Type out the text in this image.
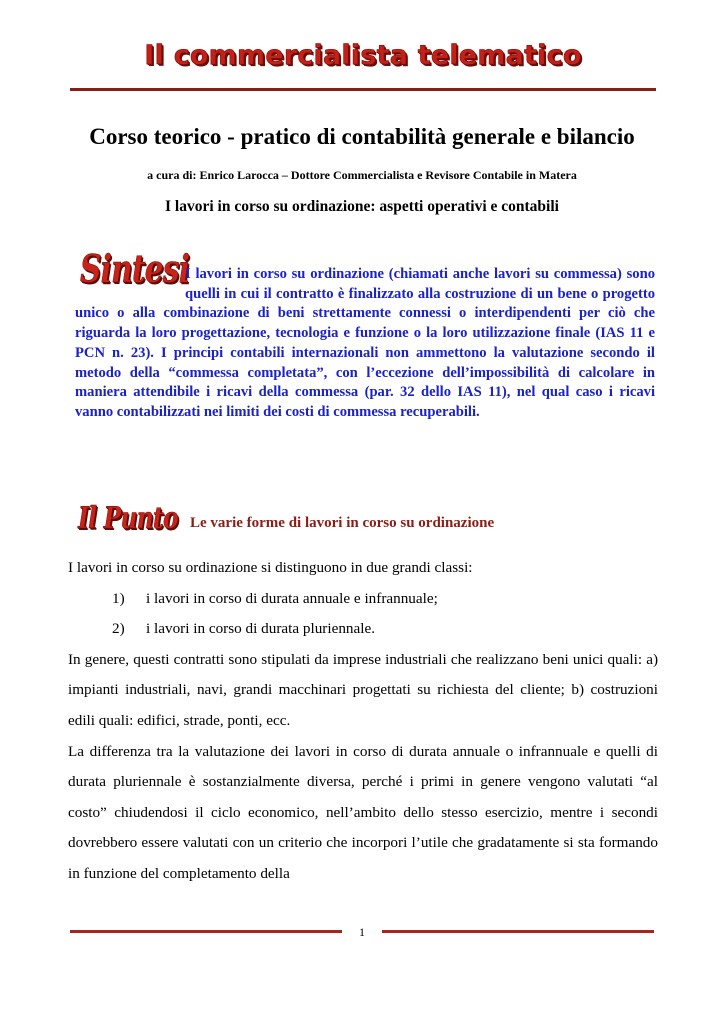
Il commercialista telematico
Corso teorico - pratico di contabilità generale e bilancio
a cura di: Enrico Larocca – Dottore Commercialista e Revisore Contabile in Matera
I lavori in corso su ordinazione: aspetti operativi e contabili
Sintesi

I lavori in corso su ordinazione (chiamati anche lavori su commessa) sono quelli in cui il contratto è finalizzato alla costruzione di un bene o progetto unico o alla combinazione di beni strettamente connessi o interdipendenti per ciò che riguarda la loro progettazione, tecnologia e funzione o la loro utilizzazione finale (IAS 11 e PCN n. 23). I principi contabili internazionali non ammettono la valutazione secondo il metodo della “commessa completata”, con l’eccezione dell’impossibilità di calcolare in maniera attendibile i ricavi della commessa (par. 32 dello IAS 11), nel qual caso i ricavi vanno contabilizzati nei limiti dei costi di commessa recuperabili.

Il Punto Le varie forme di lavori in corso su ordinazione

I lavori in corso su ordinazione si distinguono in due grandi classi:

1)	i lavori in corso di durata annuale e infrannuale;
2)	i lavori in corso di durata pluriennale.

In genere, questi contratti sono stipulati da imprese industriali che realizzano beni unici quali: a) impianti industriali, navi, grandi macchinari progettati su richiesta del cliente; b) costruzioni edili quali: edifici, strade, ponti, ecc.

La differenza tra la valutazione dei lavori in corso di durata annuale o infrannuale e quelli di durata pluriennale è sostanzialmente diversa, perché i primi in genere vengono valutati “al costo” chiudendosi il ciclo economico, nell’ambito dello stesso esercizio, mentre i secondi dovrebbero essere valutati con un criterio che incorpori l’utile che gradatamente si sta formando in funzione del completamento della

1
